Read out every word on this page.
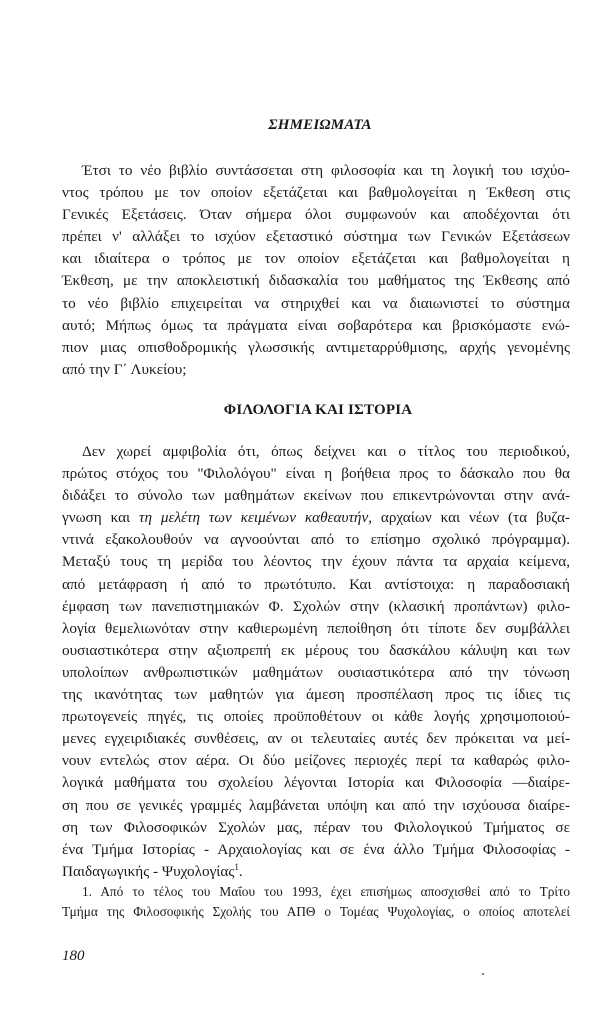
ΣΗΜΕΙΩΜΑΤΑ
Έτσι το νέο βιβλίο συντάσσεται στη φιλοσοφία και τη λογική του ισχύο-
ντος τρόπου με τον οποίον εξετάζεται και βαθμολογείται η Έκθεση στις
Γενικές Εξετάσεις. Όταν σήμερα όλοι συμφωνούν και αποδέχονται ότι
πρέπει ν' αλλάξει το ισχύον εξεταστικό σύστημα των Γενικών Εξετάσεων
και ιδιαίτερα ο τρόπος με τον οποίον εξετάζεται και βαθμολογείται η
Έκθεση, με την αποκλειστική διδασκαλία του μαθήματος της Έκθεσης από
το νέο βιβλίο επιχειρείται να στηριχθεί και να διαιωνιστεί το σύστημα
αυτό; Μήπως όμως τα πράγματα είναι σοβαρότερα και βρισκόμαστε ενώ-
πιον μιας οπισθοδρομικής γλωσσικής αντιμεταρρύθμισης, αρχής γενομένης
από την Γ΄ Λυκείου;
ΦΙΛΟΛΟΓΙΑ ΚΑΙ ΙΣΤΟΡΙΑ
Δεν χωρεί αμφιβολία ότι, όπως δείχνει και ο τίτλος του περιοδικού,
πρώτος στόχος του "Φιλολόγου" είναι η βοήθεια προς το δάσκαλο που θα
διδάξει το σύνολο των μαθημάτων εκείνων που επικεντρώνονται στην ανά-
γνωση και τη μελέτη των κειμένων καθεαυτήν, αρχαίων και νέων (τα βυζα-
ντινά εξακολουθούν να αγνοούνται από το επίσημο σχολικό πρόγραμμα).
Μεταξύ τους τη μερίδα του λέοντος την έχουν πάντα τα αρχαία κείμενα,
από μετάφραση ή από το πρωτότυπο. Και αντίστοιχα: η παραδοσιακή
έμφαση των πανεπιστημιακών Φ. Σχολών στην (κλασική προπάντων) φιλο-
λογία θεμελιωνόταν στην καθιερωμένη πεποίθηση ότι τίποτε δεν συμβάλλει
ουσιαστικότερα στην αξιοπρεπή εκ μέρους του δασκάλου κάλυψη και των
υπολοίπων ανθρωπιστικών μαθημάτων ουσιαστικότερα από την τόνωση
της ικανότητας των μαθητών για άμεση προσπέλαση προς τις ίδιες τις
πρωτογενείς πηγές, τις οποίες προϋποθέτουν οι κάθε λογής χρησιμοποιού-
μενες εγχειριδιακές συνθέσεις, αν οι τελευταίες αυτές δεν πρόκειται να μεί-
νουν εντελώς στον αέρα. Οι δύο μείζονες περιοχές περί τα καθαρώς φιλο-
λογικά μαθήματα του σχολείου λέγονται Ιστορία και Φιλοσοφία —διαίρε-
ση που σε γενικές γραμμές λαμβάνεται υπόψη και από την ισχύουσα διαίρε-
ση των Φιλοσοφικών Σχολών μας, πέραν του Φιλολογικού Τμήματος σε
ένα Τμήμα Ιστορίας - Αρχαιολογίας και σε ένα άλλο Τμήμα Φιλοσοφίας -
Παιδαγωγικής - Ψυχολογίας$^1$.
1. Από το τέλος του Μαΐου του 1993, έχει επισήμως αποσχισθεί από το Τρίτο
Τμήμα της Φιλοσοφικής Σχολής του ΑΠΘ ο Τομέας Ψυχολογίας, ο οποίος αποτελεί

180
